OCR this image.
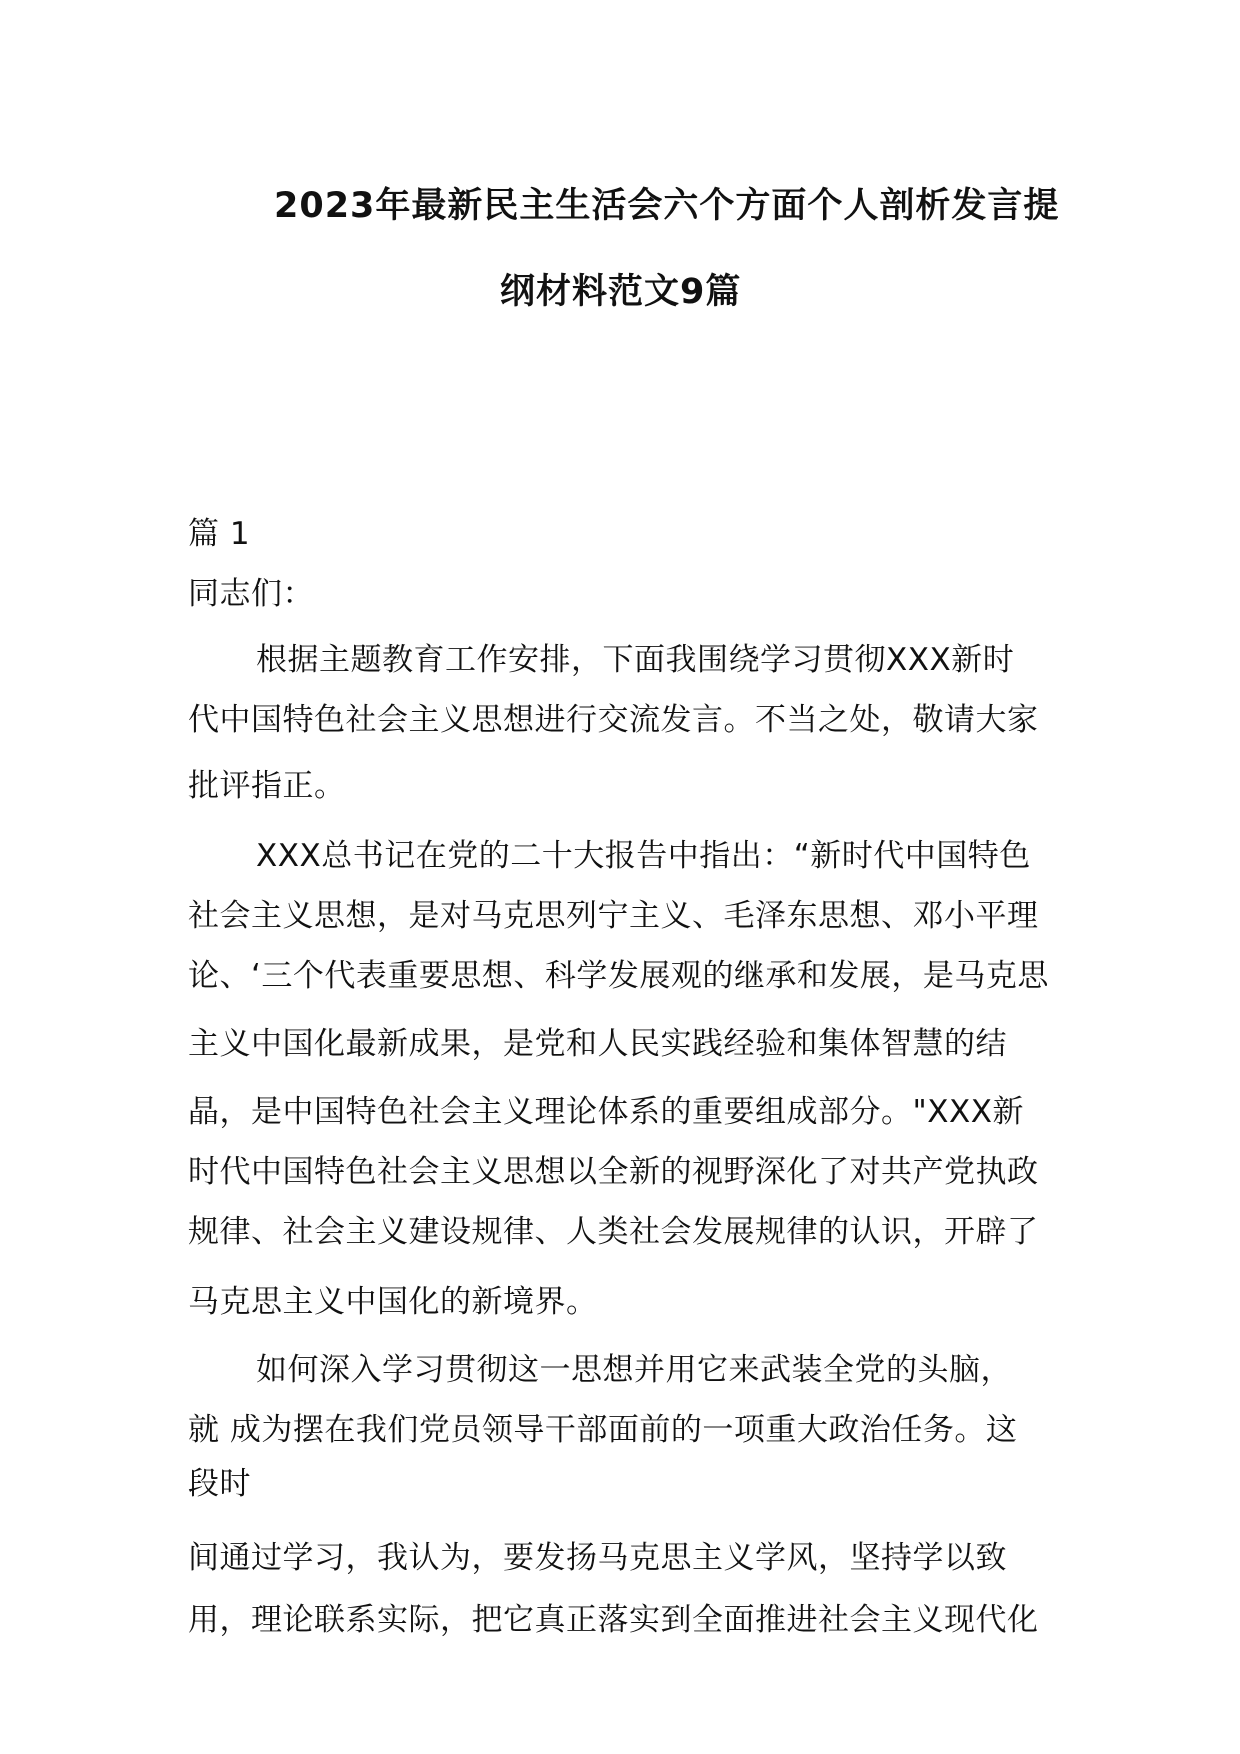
2023年最新民主生活会六个方面个人剖析发言提
纲材料范文9篇
篇 1
同志们：
根据主题教育工作安排，下面我围绕学习贯彻XXX新时
代中国特色社会主义思想进行交流发言。不当之处，敬请大家
批评指正。
XXX总书记在党的二十大报告中指出：“新时代中国特色
社会主义思想，是对马克思列宁主义、毛泽东思想、邓小平理
论、‘三个代表重要思想、科学发展观的继承和发展，是马克思
主义中国化最新成果，是党和人民实践经验和集体智慧的结
晶，是中国特色社会主义理论体系的重要组成部分。"XXX新
时代中国特色社会主义思想以全新的视野深化了对共产党执政
规律、社会主义建设规律、人类社会发展规律的认识，开辟了
马克思主义中国化的新境界。
如何深入学习贯彻这一思想并用它来武装全党的头脑，
就 成为摆在我们党员领导干部面前的一项重大政治任务。这
段时
间通过学习，我认为，要发扬马克思主义学风，坚持学以致
用，理论联系实际，把它真正落实到全面推进社会主义现代化
